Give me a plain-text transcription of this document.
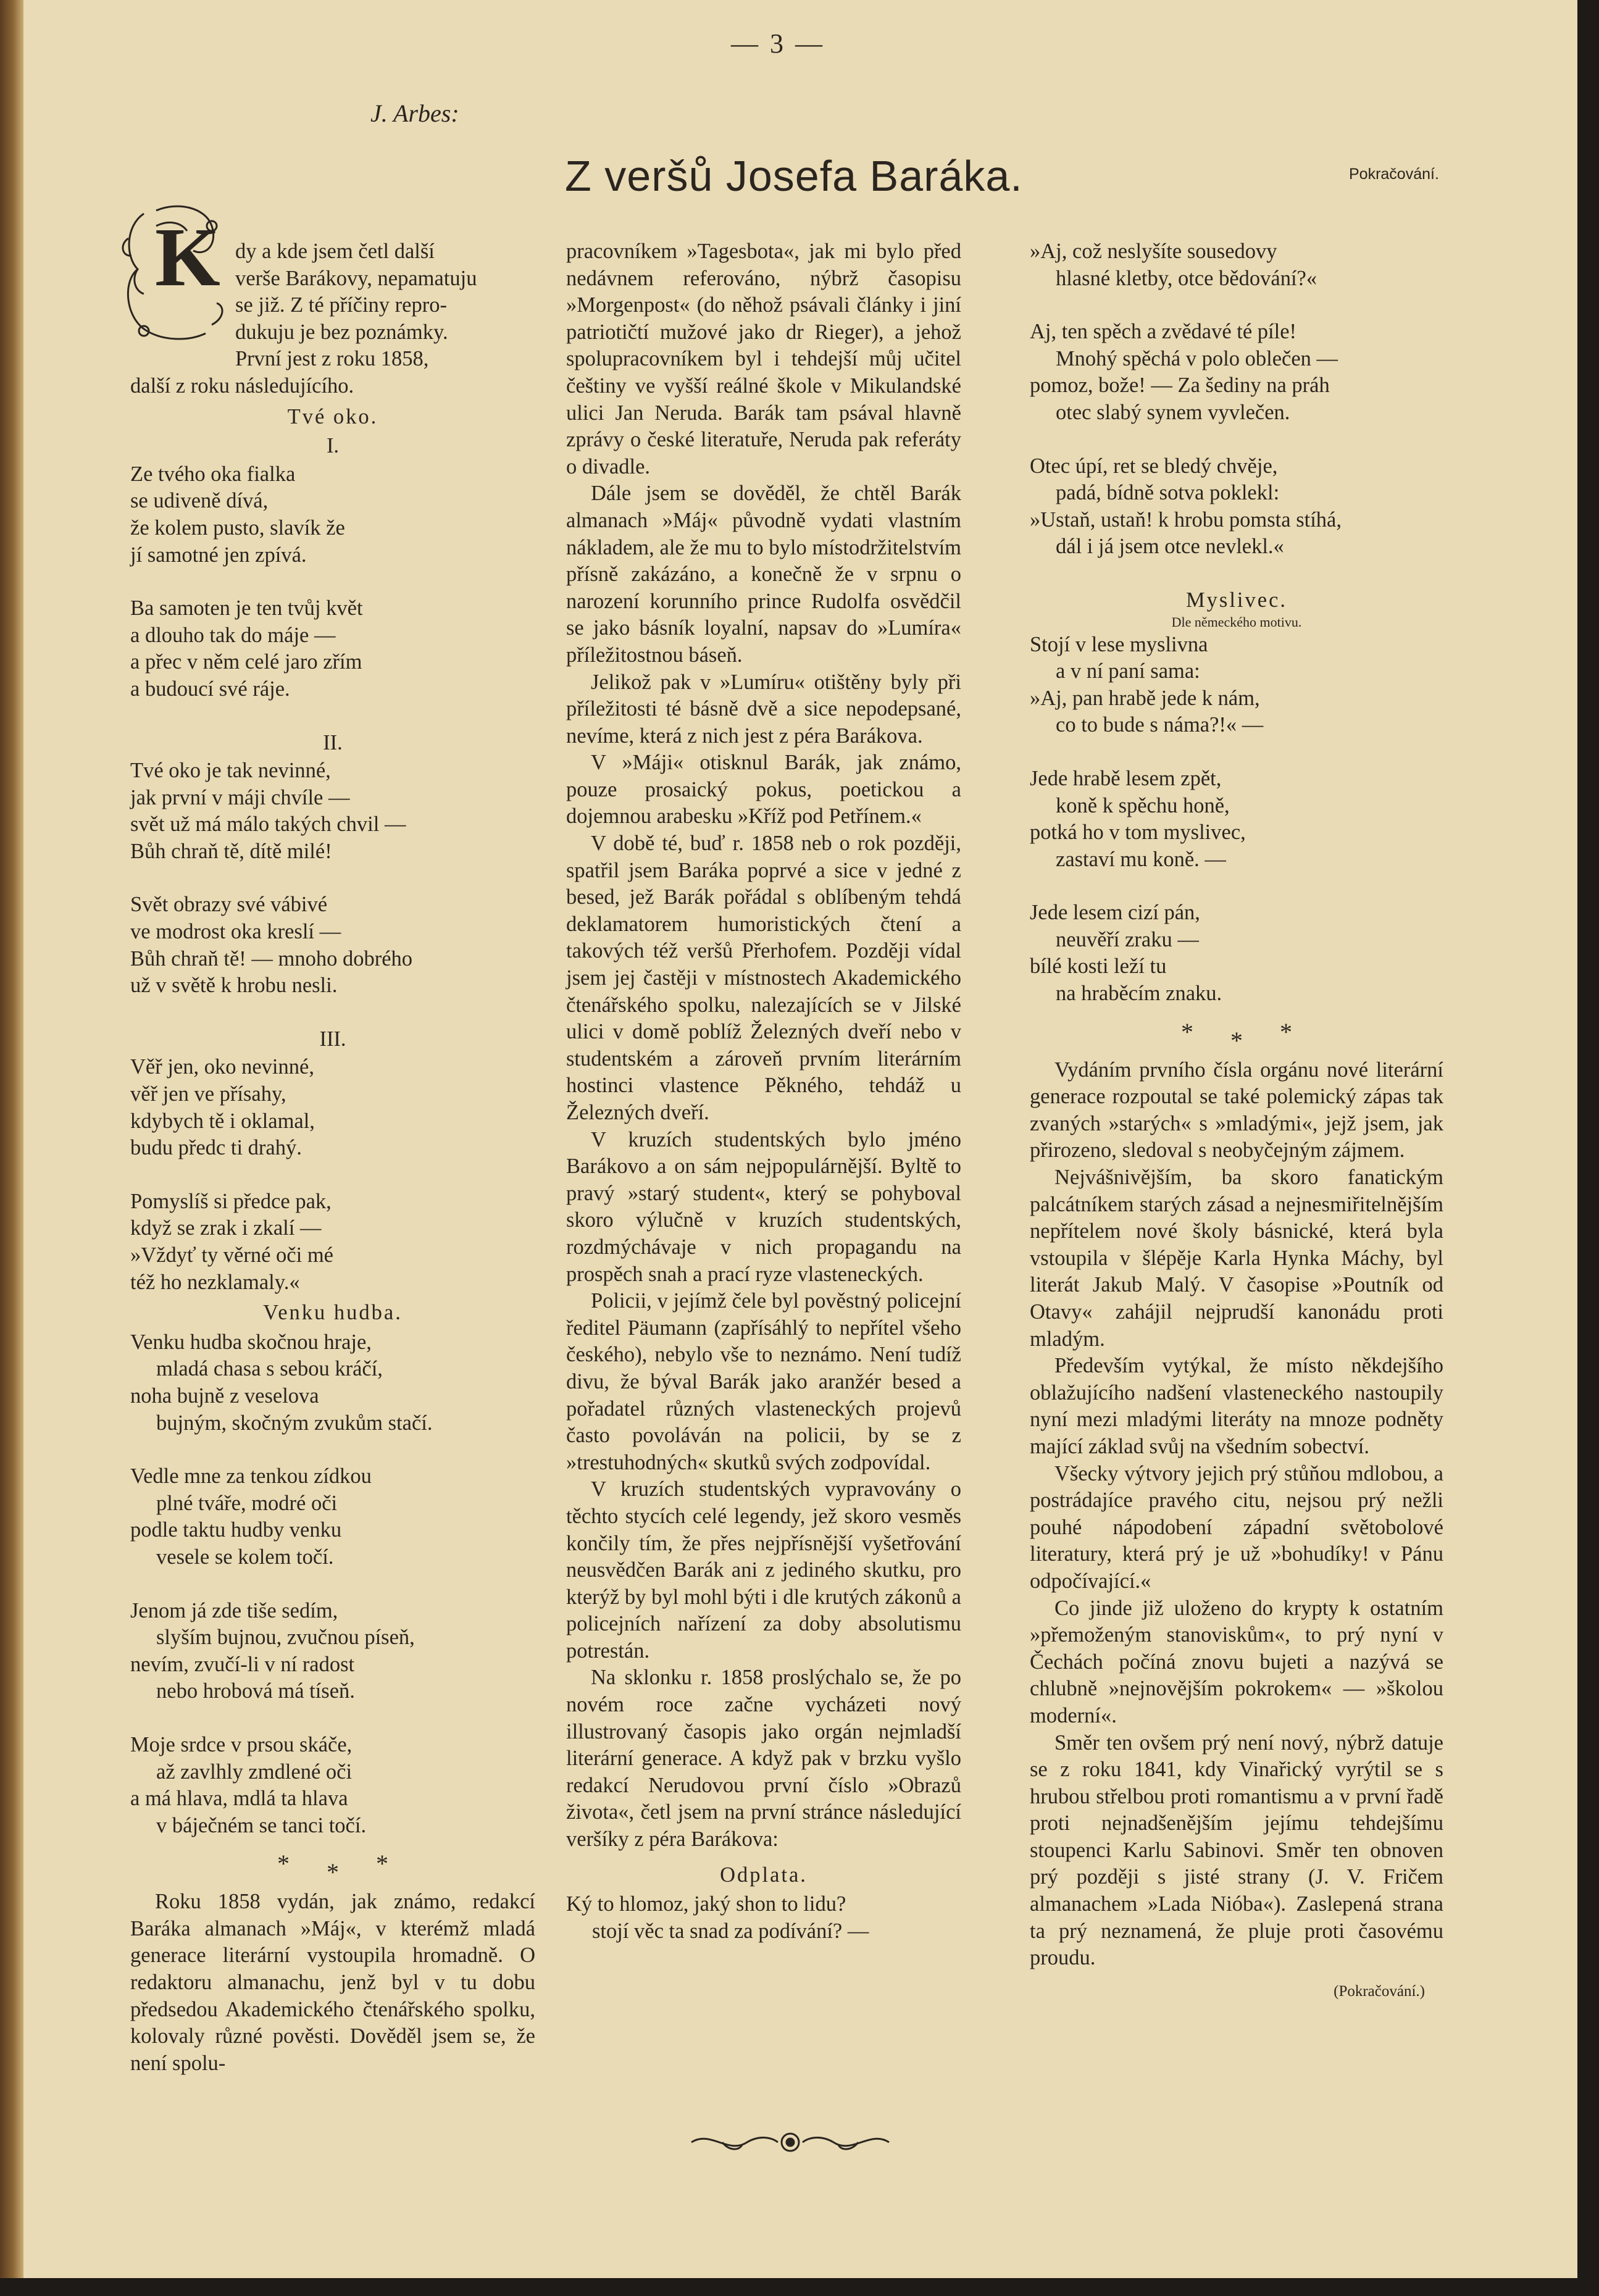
— 3 —
J. Arbes:
Z veršů Josefa Baráka.	Pokračování.
K dy a kde jsem četl další
verše Barákovy, nepamatuju
se již. Z té příčiny repro-
dukuju je bez poznámky.
První jest z roku 1858,
další z roku následujícího.
Tvé oko.
I.
Ze tvého oka fialka
se udiveně dívá,
že kolem pusto, slavík že
jí samotné jen zpívá.
Ba samoten je ten tvůj květ
a dlouho tak do máje —
a přec v něm celé jaro zřím
a budoucí své ráje.
II.
Tvé oko je tak nevinné,
jak první v máji chvíle —
svět už má málo takých chvil —
Bůh chraň tě, dítě milé!
Svět obrazy své vábivé
ve modrost oka kreslí —
Bůh chraň tě! — mnoho dobrého
už v světě k hrobu nesli.
III.
Věř jen, oko nevinné,
věř jen ve přísahy,
kdybych tě i oklamal,
budu předc ti drahý.
Pomyslíš si předce pak,
když se zrak i zkalí —
»Vždyť ty věrné oči mé
též ho nezklamaly.«
Venku hudba.
Venku hudba skočnou hraje,
mladá chasa s sebou kráčí,
noha bujně z veselova
bujným, skočným zvukům stačí.
Vedle mne za tenkou zídkou
plné tváře, modré oči
podle taktu hudby venku
vesele se kolem točí.
Jenom já zde tiše sedím,
slyším bujnou, zvučnou píseň,
nevím, zvučí-li v ní radost
nebo hrobová má tíseň.
Moje srdce v prsou skáče,
až zavlhly zmdlené oči
a má hlava, mdlá ta hlava
v báječném se tanci točí.
* * *

Roku 1858 vydán, jak známo, redakcí Baráka almanach »Máj«, v kterémž mladá generace literární vystoupila hromadně. O redaktoru almanachu, jenž byl v tu dobu předsedou Akademického čtenářského spolku, kolovaly různé pověsti. Dověděl jsem se, že není spolu-

pracovníkem »Tagesbota«, jak mi bylo před nedávnem referováno, nýbrž časopisu »Morgenpost« (do něhož psávali články i jiní patriotičtí mužové jako dr Rieger), a jehož spolupracovníkem byl i tehdejší můj učitel češtiny ve vyšší reálné škole v Mikulandské ulici Jan Neruda. Barák tam psával hlavně zprávy o české literatuře, Neruda pak referáty o divadle.

Dále jsem se dověděl, že chtěl Barák almanach »Máj« původně vydati vlastním nákladem, ale že mu to bylo místodržitelstvím přísně zakázáno, a konečně že v srpnu o narození korunního prince Rudolfa osvědčil se jako básník loyalní, napsav do »Lumíra« příležitostnou báseň.

Jelikož pak v »Lumíru« otištěny byly při příležitosti té básně dvě a sice nepodepsané, nevíme, která z nich jest z péra Barákova.

V »Máji« otisknul Barák, jak známo, pouze prosaický pokus, poetickou a dojemnou arabesku »Kříž pod Petřínem.«

V době té, buď r. 1858 neb o rok později, spatřil jsem Baráka poprvé a sice v jedné z besed, jež Barák pořádal s oblíbeným tehdá deklamatorem humoristických čtení a takových též veršů Přerhofem. Později vídal jsem jej častěji v místnostech Akademického čtenářského spolku, nalezajících se v Jilské ulici v domě poblíž Železných dveří nebo v studentském a zároveň prvním literárním hostinci vlastence Pěkného, tehdáž u Železných dveří.

V kruzích studentských bylo jméno Barákovo a on sám nejpopulárnější. Byltě to pravý »starý student«, který se pohyboval skoro výlučně v kruzích studentských, rozdmýchávaje v nich propagandu na prospěch snah a prací ryze vlasteneckých.

Policii, v jejímž čele byl pověstný policejní ředitel Päumann (zapřísáhlý to nepřítel všeho českého), nebylo vše to neznámo. Není tudíž divu, že býval Barák jako aranžér besed a pořadatel různých vlasteneckých projevů často povoláván na policii, by se z »trestuhodných« skutků svých zodpovídal.

V kruzích studentských vypravovány o těchto stycích celé legendy, jež skoro vesměs končily tím, že přes nejpřísnější vyšetřování neusvědčen Barák ani z jediného skutku, pro kterýž by byl mohl býti i dle krutých zákonů a policejních nařízení za doby absolutismu potrestán.

Na sklonku r. 1858 proslýchalo se, že po novém roce začne vycházeti nový illustrovaný časopis jako orgán nejmladší literární generace. A když pak v brzku vyšlo redakcí Nerudovou první číslo »Obrazů života«, četl jsem na první stránce následující veršíky z péra Barákova:

Odplata.
Ký to hlomoz, jaký shon to lidu?
stojí věc ta snad za podívání? —
»Aj, což neslyšíte sousedovy
hlasné kletby, otce bědování?«
Aj, ten spěch a zvědavé té píle!
Mnohý spěchá v polo oblečen —
pomoz, bože! — Za šediny na práh
otec slabý synem vyvlečen.
Otec úpí, ret se bledý chvěje,
padá, bídně sotva poklekl:
»Ustaň, ustaň! k hrobu pomsta stíhá,
dál i já jsem otce nevlekl.«
Myslivec.
Dle německého motivu.
Stojí v lese myslivna
a v ní paní sama:
»Aj, pan hrabě jede k nám,
co to bude s náma?!« —
Jede hrabě lesem zpět,
koně k spěchu honě,
potká ho v tom myslivec,
zastaví mu koně. —
Jede lesem cizí pán,
neuvěří zraku —
bílé kosti leží tu
na hraběcím znaku.
* * *

Vydáním prvního čísla orgánu nové literární generace rozpoutal se také polemický zápas tak zvaných »starých« s »mladými«, jejž jsem, jak přirozeno, sledoval s neobyčejným zájmem.

Nejvášnivějším, ba skoro fanatickým palcátníkem starých zásad a nejnesmiřitelnějším nepřítelem nové školy básnické, která byla vstoupila v šlépěje Karla Hynka Máchy, byl literát Jakub Malý. V časopise »Poutník od Otavy« zahájil nejprudší kanonádu proti mladým.

Především vytýkal, že místo někdejšího oblažujícího nadšení vlasteneckého nastoupily nyní mezi mladými literáty na mnoze podněty mající základ svůj na všedním sobectví.

Všecky výtvory jejich prý stůňou mdlobou, a postrádajíce pravého citu, nejsou prý nežli pouhé nápodobení západní světobolové literatury, která prý je už »bohudíky! v Pánu odpočívající.«

Co jinde již uloženo do krypty k ostatním »přemoženým stanoviskům«, to prý nyní v Čechách počíná znovu bujeti a nazývá se chlubně »nejnovějším pokrokem« — »školou moderní«.

Směr ten ovšem prý není nový, nýbrž datuje se z roku 1841, kdy Vinařický vyrýtil se s hrubou střelbou proti romantismu a v první řadě proti nejnadšenějším jejímu tehdejšímu stoupenci Karlu Sabinovi. Směr ten obnoven prý později s jisté strany (J. V. Fričem almanachem »Lada Nióba«). Zaslepená strana ta prý neznamená, že pluje proti časovému proudu.

(Pokračování.)
